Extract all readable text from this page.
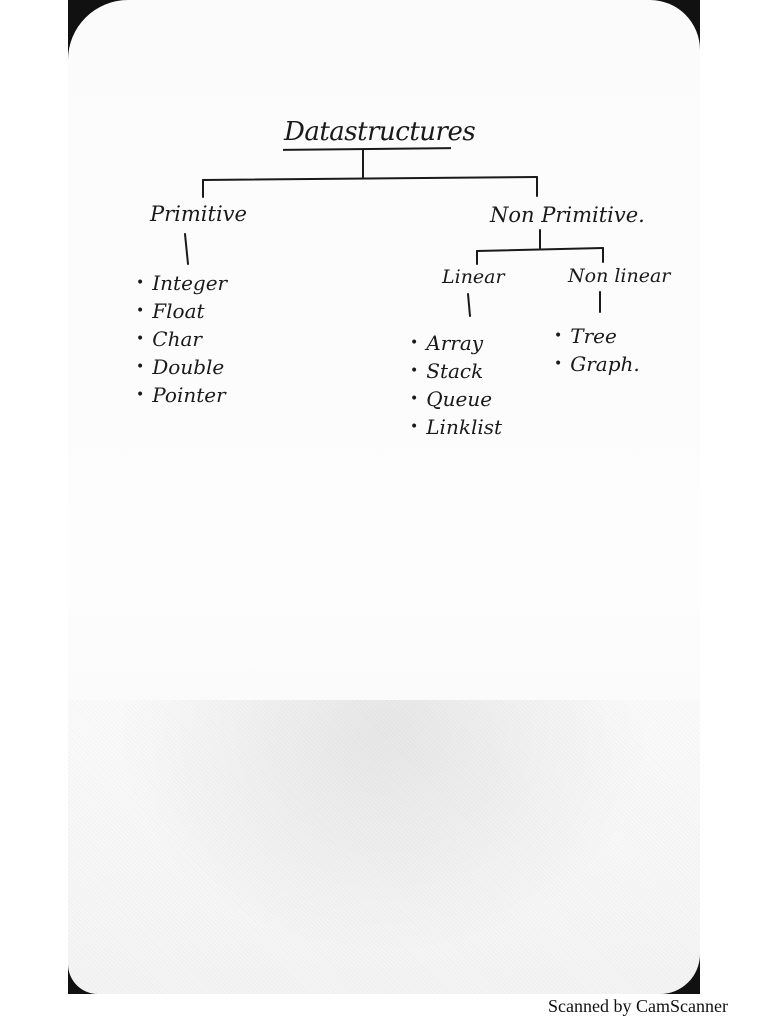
Datastructures

Primitive	Non Primitive.

Linear	Non linear

• Integer
• Float
• Char
• Double
• Pointer
• Array
• Stack
• Queue
• Linklist
• Tree
• Graph.
Scanned by CamScanner
